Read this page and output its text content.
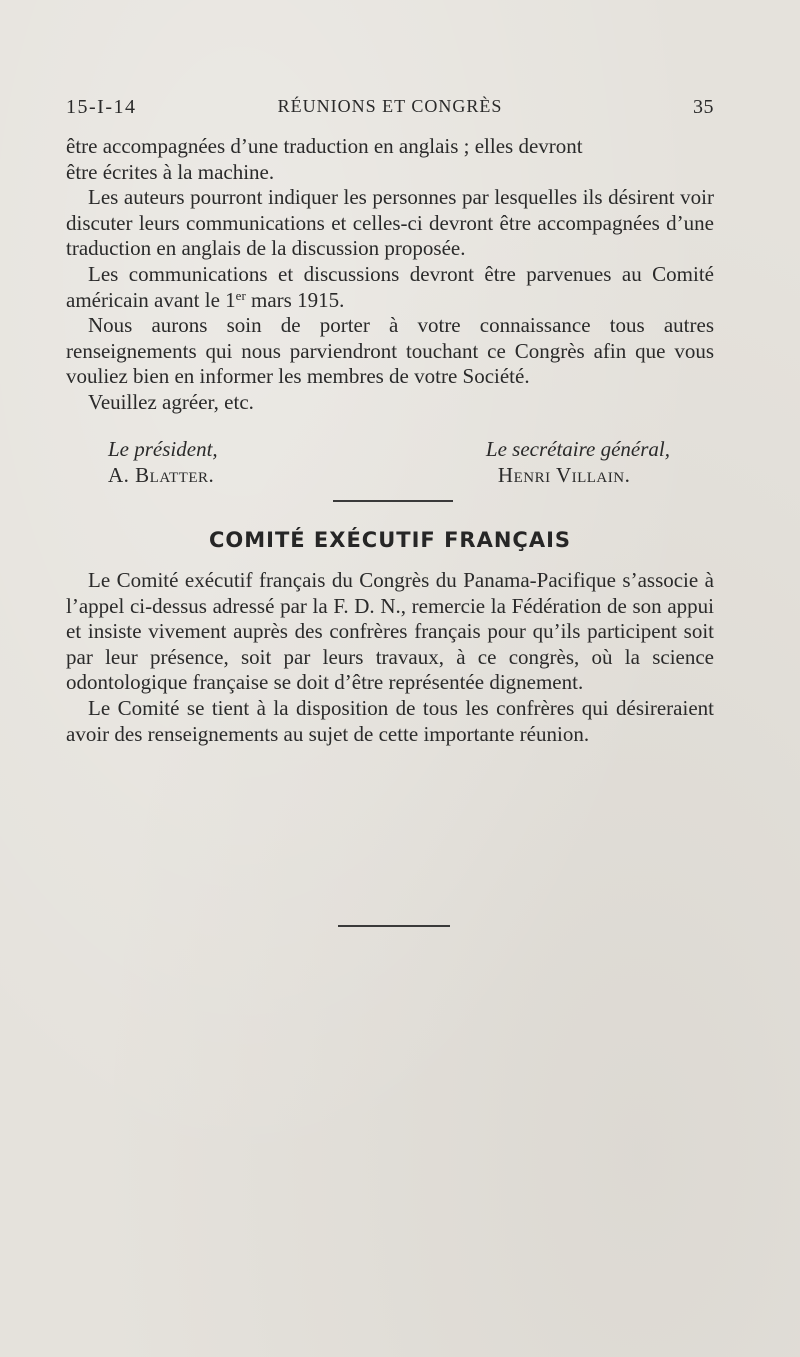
15-I-14	RÉUNIONS ET CONGRÈS	35

être accompagnées d’une traduction en anglais ; elles devront

être écrites à la machine.

Les auteurs pourront indiquer les personnes par lesquelles ils désirent voir discuter leurs communications et celles-ci devront être accompagnées d’une traduction en anglais de la discussion proposée.

Les communications et discussions devront être parvenues au Comité américain avant le 1er mars 1915.

Nous aurons soin de porter à votre connaissance tous autres renseignements qui nous parviendront touchant ce Congrès afin que vous vouliez bien en informer les membres de votre Société.

Veuillez agréer, etc.

Le président,
A. Blatter.
Le secrétaire général,
Henri Villain.
COMITÉ EXÉCUTIF FRANÇAIS

Le Comité exécutif français du Congrès du Panama-Pacifique s’associe à l’appel ci-dessus adressé par la F. D. N., remercie la Fédération de son appui et insiste vivement auprès des confrères français pour qu’ils participent soit par leur présence, soit par leurs travaux, à ce congrès, où la science odontologique française se doit d’être représentée dignement.

Le Comité se tient à la disposition de tous les confrères qui désireraient avoir des renseignements au sujet de cette importante réunion.
